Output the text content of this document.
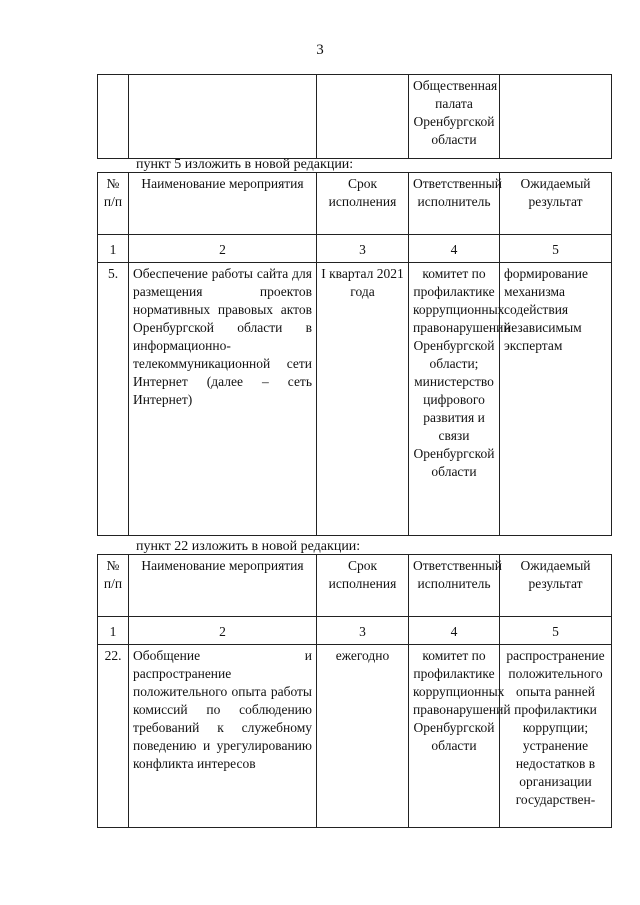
3

Общественная палата
Оренбургской области

пункт 5 изложить в новой редакции:
№ п/п	Наименование мероприятия	Срок исполнения	Ответственный исполнитель	Ожидаемый результат
1	2	3	4	5
5.	Обеспечение работы сайта для размещения проектов нормативных правовых актов Оренбургской области в информационно-телекоммуникационной сети Интернет (далее – сеть Интернет)	I квартал 2021 года	комитет по профилактике коррупционных правонарушений Оренбургской области; министерство цифрового развития и связи Оренбургской области	формирование механизма содействия независимым экспертам
пункт 22 изложить в новой редакции:
№ п/п	Наименование мероприятия	Срок исполнения	Ответственный исполнитель	Ожидаемый результат
1	2	3	4	5
22.	Обобщение и распространение положительного опыта работы комиссий по соблюдению требований к служебному поведению и урегулированию конфликта интересов	ежегодно	комитет по профилактике коррупционных правонарушений Оренбургской области	распространение положительного опыта ранней профилактики коррупции; устранение недостатков в организации государствен-
